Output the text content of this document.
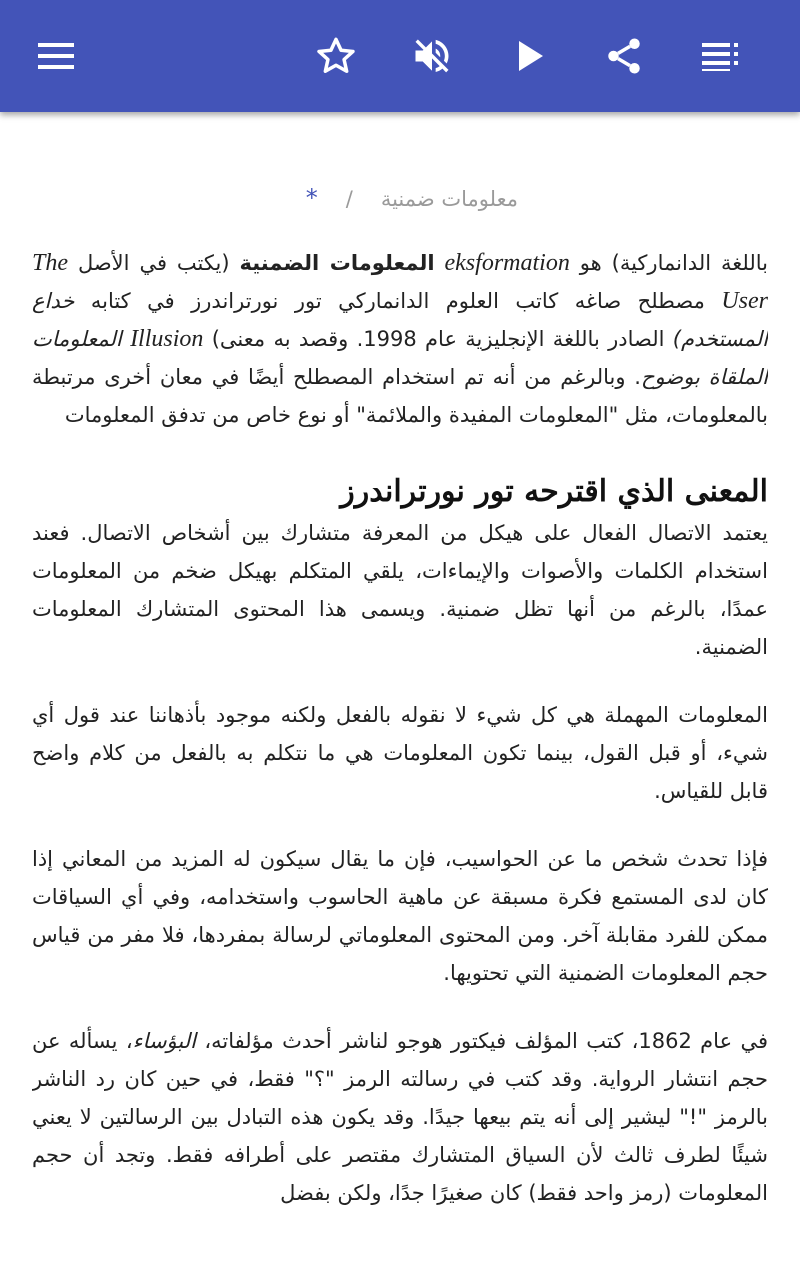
معلومات ضمنية/*

باللغة الدانماركية) هو eksformation المعلومات الضمنية (يكتب في الأصل The User مصطلح صاغه كاتب العلوم الدانماركي تور نورتراندرز في كتابه خداع المستخدم) الصادر باللغة الإنجليزية عام 1998. وقصد به معنى) Illusion المعلومات الملقاة بوضوح. وبالرغم من أنه تم استخدام المصطلح أيضًا في معان أخرى مرتبطة بالمعلومات، مثل "المعلومات المفيدة والملائمة" أو نوع خاص من تدفق المعلومات

المعنى الذي اقترحه تور نورتراندرز

يعتمد الاتصال الفعال على هيكل من المعرفة متشارك بين أشخاص الاتصال. فعند استخدام الكلمات والأصوات والإيماءات، يلقي المتكلم بهيكل ضخم من المعلومات عمدًا، بالرغم من أنها تظل ضمنية. ويسمى هذا المحتوى المتشارك المعلومات الضمنية.

المعلومات المهملة هي كل شيء لا نقوله بالفعل ولكنه موجود بأذهاننا عند قول أي شيء، أو قبل القول، بينما تكون المعلومات هي ما نتكلم به بالفعل من كلام واضح قابل للقياس.

فإذا تحدث شخص ما عن الحواسيب، فإن ما يقال سيكون له المزيد من المعاني إذا كان لدى المستمع فكرة مسبقة عن ماهية الحاسوب واستخدامه، وفي أي السياقات ممكن للفرد مقابلة آخر. ومن المحتوى المعلوماتي لرسالة بمفردها، فلا مفر من قياس حجم المعلومات الضمنية التي تحتويها.

في عام 1862، كتب المؤلف فيكتور هوجو لناشر أحدث مؤلفاته، البؤساء، يسأله عن حجم انتشار الرواية. وقد كتب في رسالته الرمز "؟" فقط، في حين كان رد الناشر بالرمز "!" ليشير إلى أنه يتم بيعها جيدًا. وقد يكون هذه التبادل بين الرسالتين لا يعني شيئًا لطرف ثالث لأن السياق المتشارك مقتصر على أطرافه فقط. وتجد أن حجم المعلومات (رمز واحد فقط) كان صغيرًا جدًا، ولكن بفضل
